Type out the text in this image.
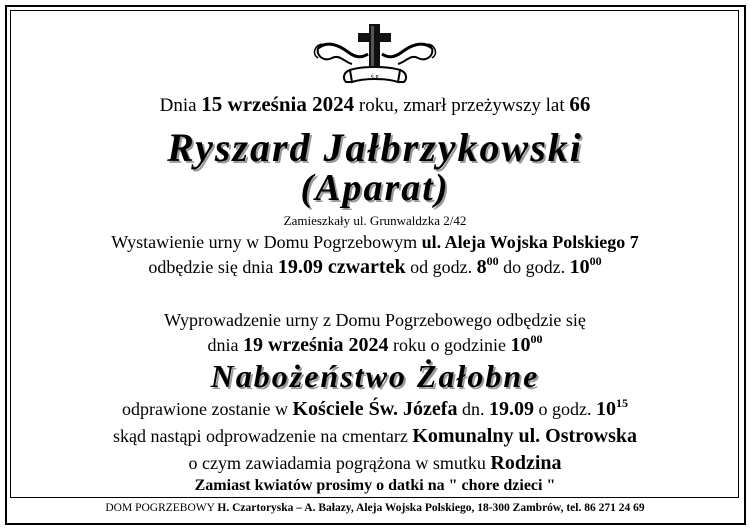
Ś.P.
Dnia 15 września 2024 roku, zmarł przeżywszy lat 66
Ryszard Jałbrzykowski
(Aparat)
Zamieszkały ul. Grunwaldzka 2/42
Wystawienie urny w Domu Pogrzebowym ul. Aleja Wojska Polskiego 7
odbędzie się dnia 19.09 czwartek od godz. $8^{00}$ do godz. $10^{00}$
Wyprowadzenie urny z Domu Pogrzebowego odbędzie się
dnia 19 września 2024 roku o godzinie $10^{00}$
Nabożeństwo Żałobne
odprawione zostanie w Kościele Św. Józefa dn. 19.09 o godz. $10^{15}$
skąd nastąpi odprowadzenie na cmentarz Komunalny ul. Ostrowska
o czym zawiadamia pogrążona w smutku Rodzina
Zamiast kwiatów prosimy o datki na " chore dzieci "
DOM POGRZEBOWY H. Czartoryska – A. Bałazy, Aleja Wojska Polskiego, 18-300 Zambrów, tel. 86 271 24 69
